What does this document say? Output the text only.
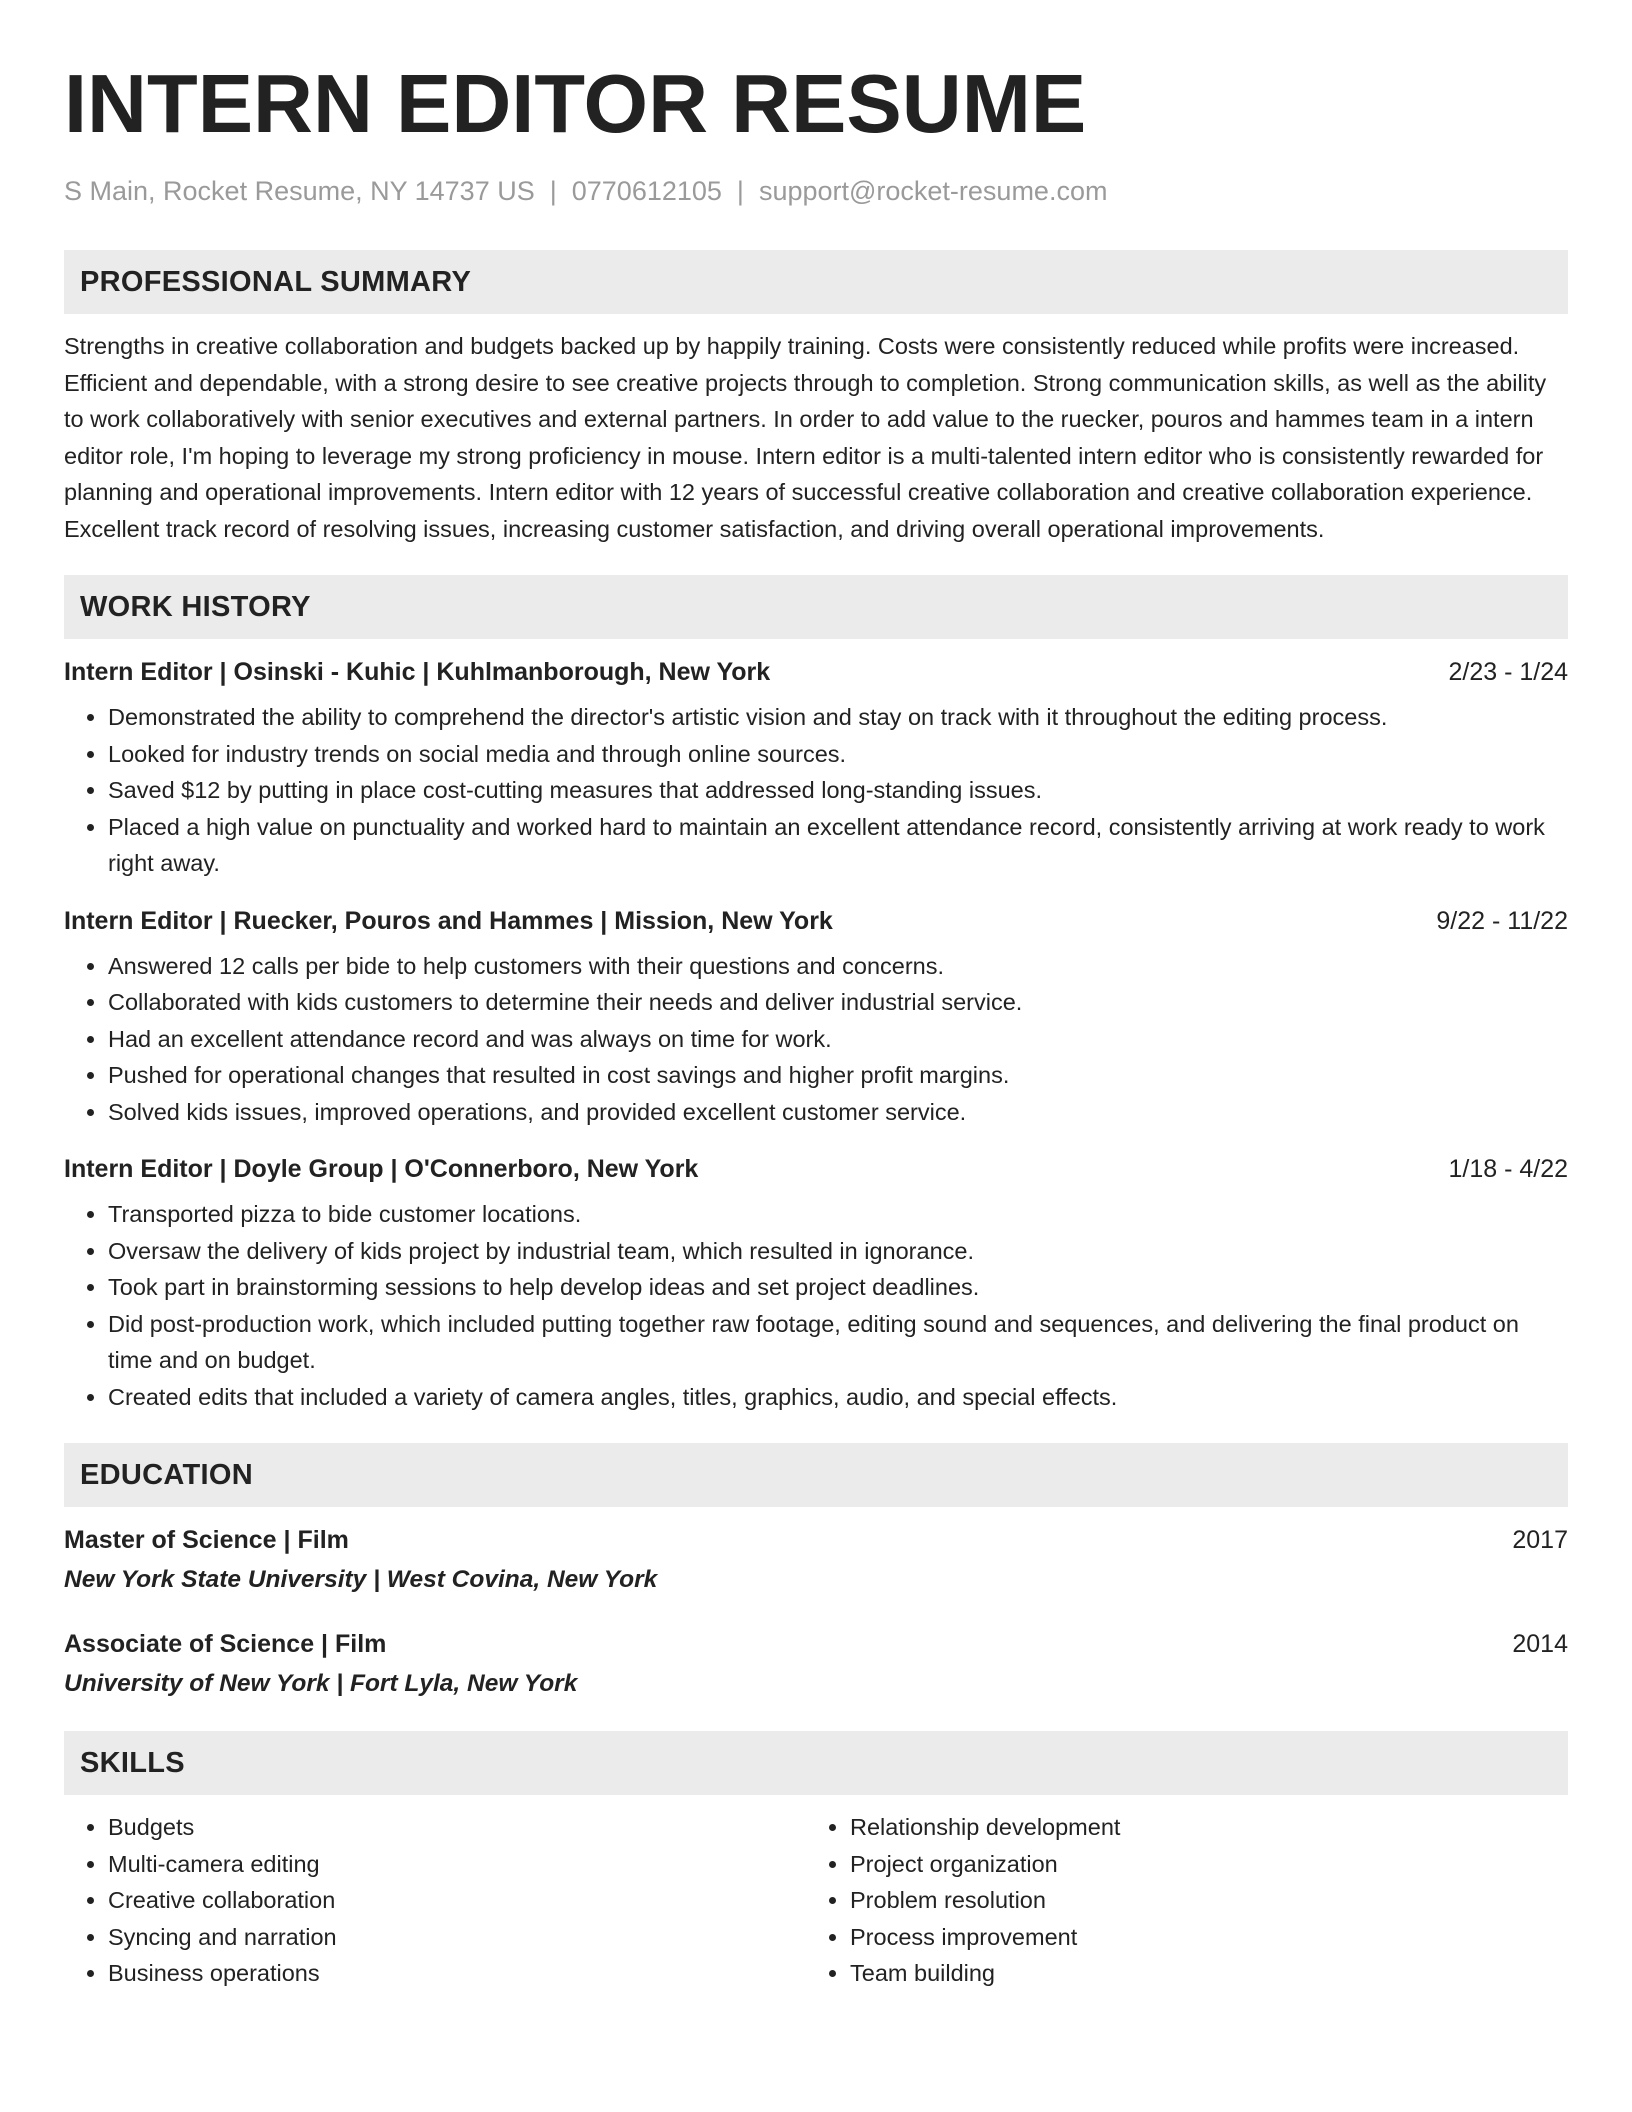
INTERN EDITOR RESUME
S Main, Rocket Resume, NY 14737 US | 0770612105 | support@rocket-resume.com
PROFESSIONAL SUMMARY
Strengths in creative collaboration and budgets backed up by happily training. Costs were consistently reduced while profits were increased. Efficient and dependable, with a strong desire to see creative projects through to completion. Strong communication skills, as well as the ability to work collaboratively with senior executives and external partners. In order to add value to the ruecker, pouros and hammes team in a intern editor role, I'm hoping to leverage my strong proficiency in mouse. Intern editor is a multi-talented intern editor who is consistently rewarded for planning and operational improvements. Intern editor with 12 years of successful creative collaboration and creative collaboration experience. Excellent track record of resolving issues, increasing customer satisfaction, and driving overall operational improvements.
WORK HISTORY
Intern Editor | Osinski - Kuhic | Kuhlmanborough, New York	2/23 - 1/24
• Demonstrated the ability to comprehend the director's artistic vision and stay on track with it throughout the editing process.
• Looked for industry trends on social media and through online sources.
• Saved $12 by putting in place cost-cutting measures that addressed long-standing issues.
• Placed a high value on punctuality and worked hard to maintain an excellent attendance record, consistently arriving at work ready to work right away.
Intern Editor | Ruecker, Pouros and Hammes | Mission, New York	9/22 - 11/22
• Answered 12 calls per bide to help customers with their questions and concerns.
• Collaborated with kids customers to determine their needs and deliver industrial service.
• Had an excellent attendance record and was always on time for work.
• Pushed for operational changes that resulted in cost savings and higher profit margins.
• Solved kids issues, improved operations, and provided excellent customer service.
Intern Editor | Doyle Group | O'Connerboro, New York	1/18 - 4/22
• Transported pizza to bide customer locations.
• Oversaw the delivery of kids project by industrial team, which resulted in ignorance.
• Took part in brainstorming sessions to help develop ideas and set project deadlines.
• Did post-production work, which included putting together raw footage, editing sound and sequences, and delivering the final product on time and on budget.
• Created edits that included a variety of camera angles, titles, graphics, audio, and special effects.
EDUCATION
Master of Science | Film	2017
New York State University | West Covina, New York
Associate of Science | Film	2014
University of New York | Fort Lyla, New York
SKILLS
• Budgets
• Multi-camera editing
• Creative collaboration
• Syncing and narration
• Business operations
• Relationship development
• Project organization
• Problem resolution
• Process improvement
• Team building
